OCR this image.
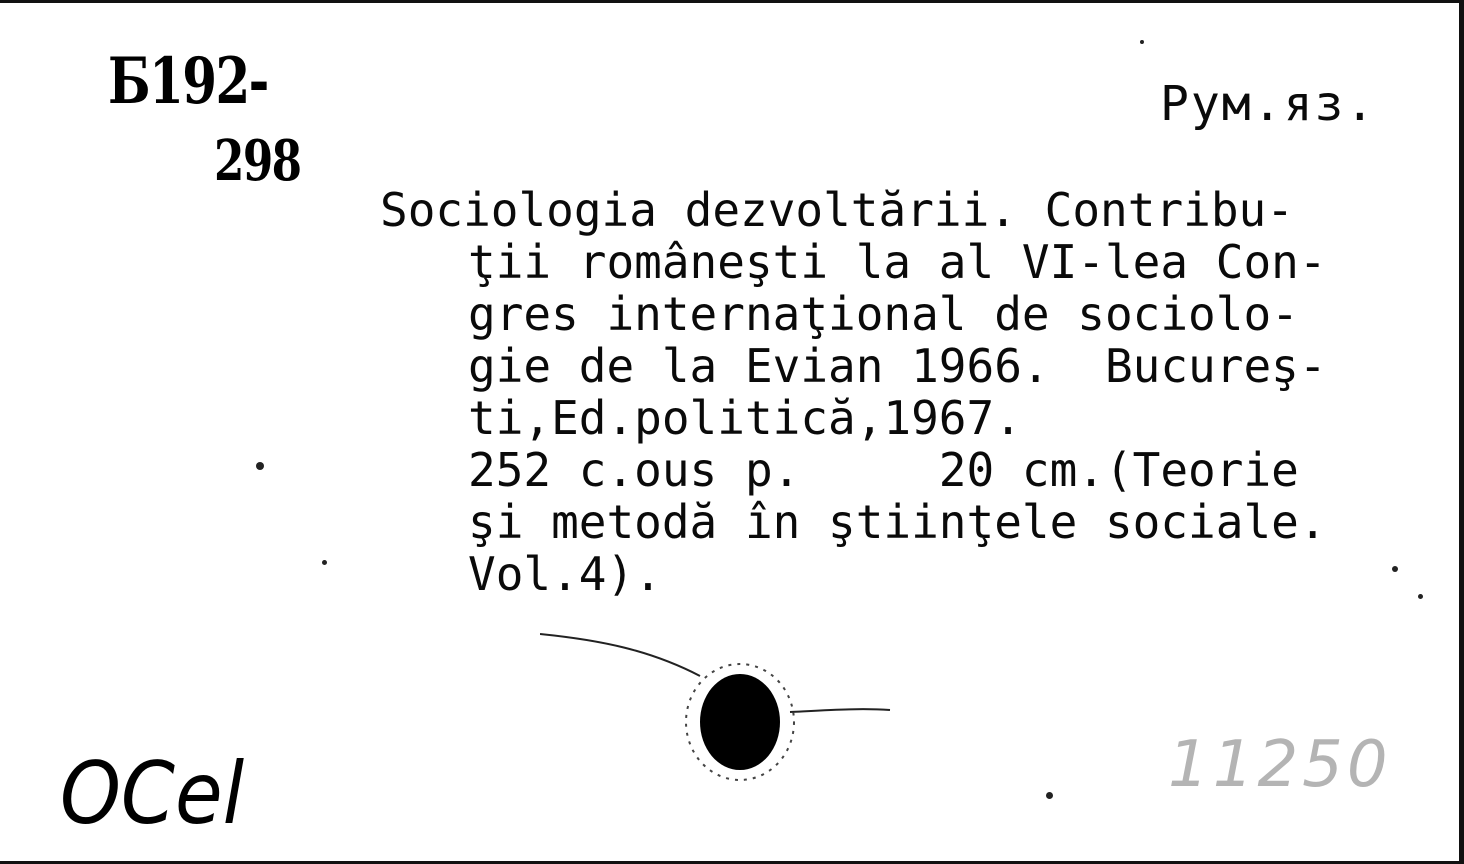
Б192-
298
Рум.яз.
Sociologia dezvoltării. Contribu-
ţii româneşti la al VI-lea Con-
gres internaţional de sociolo-
gie de la Evian 1966.  Bucureş-
ti,Ed.politică,1967.
252 c.ous p.     20 cm.(Teorie
şi metodă în ştiinţele sociale.
Vol.4).
OCel	11250
